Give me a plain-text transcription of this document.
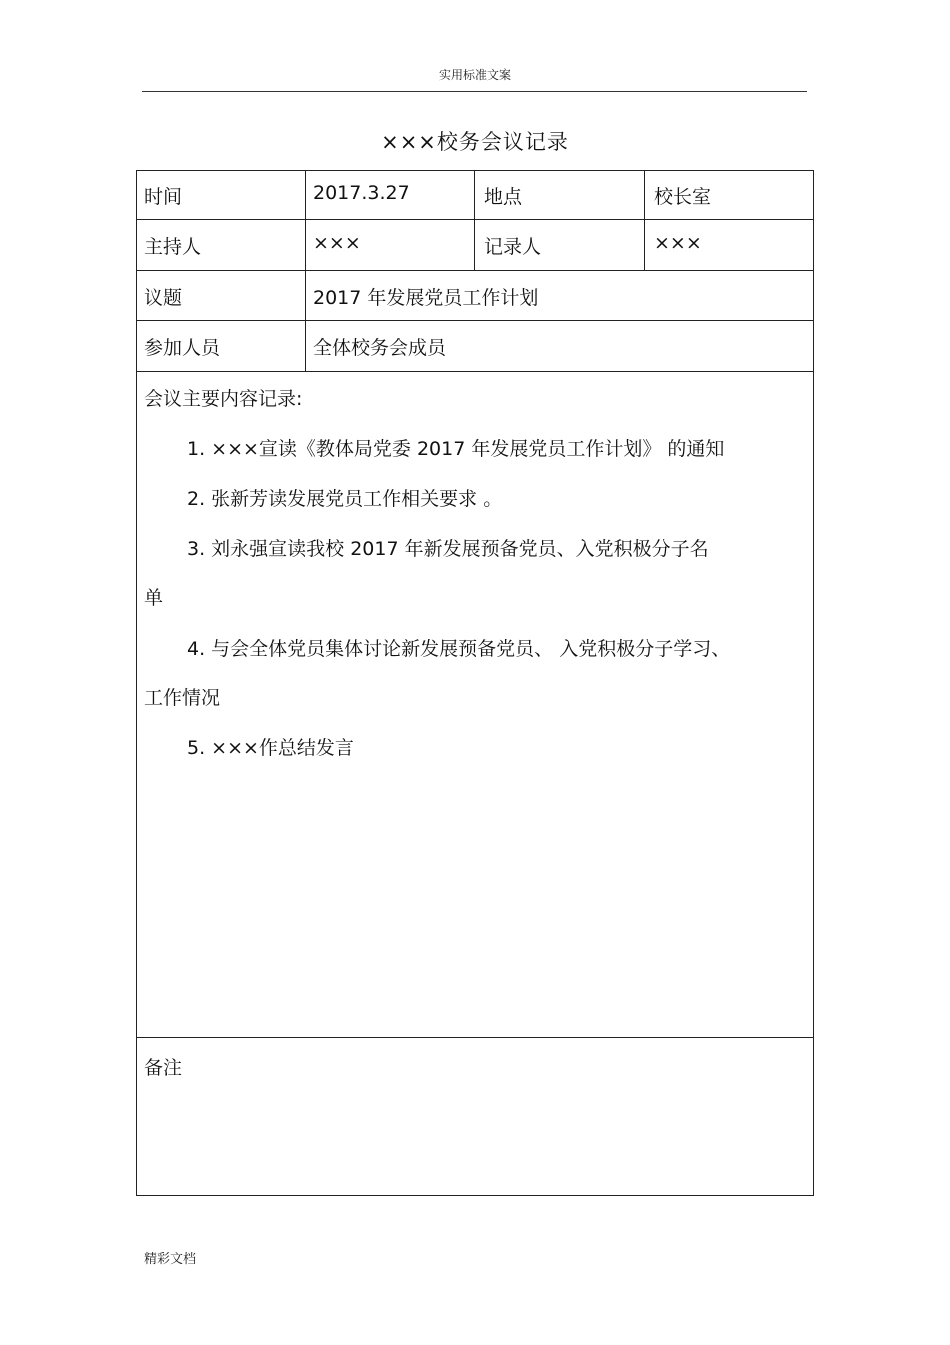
实用标准文案
×××校务会议记录
时间	2017.3.27	地点	校长室
主持人	×××	记录人	×××
议题	2017 年发展党员工作计划
参加人员	全体校务会成员
会议主要内容记录:
1. ×××宣读《教体局党委 2017 年发展党员工作计划》 的通知
2. 张新芳读发展党员工作相关要求 。
3. 刘永强宣读我校 2017 年新发展预备党员、入党积极分子名
单
4. 与会全体党员集体讨论新发展预备党员、 入党积极分子学习、
工作情况
5. ×××作总结发言
备注
精彩文档
